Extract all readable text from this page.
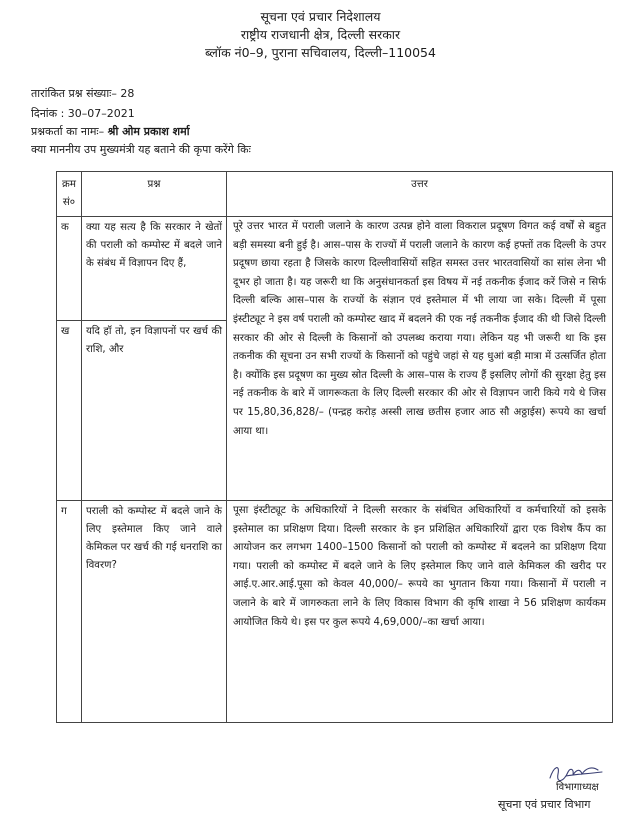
सूचना एवं प्रचार निदेशालय
राष्ट्रीय राजधानी क्षेत्र, दिल्ली सरकार
ब्लॉक नं0–9, पुराना सचिवालय, दिल्ली–110054
तारांकित प्रश्न संख्याः– 28
दिनांक : 30–07–2021
प्रश्नकर्ता का नामः– श्री ओम प्रकाश शर्मा
क्या माननीय उप मुख्यमंत्री यह बताने की कृपा करेंगे किः
क्रम सं०	प्रश्न	उत्तर
क	क्या यह सत्य है कि सरकार ने खेतों की पराली को कम्पोस्ट में बदले जाने के संबंध में विज्ञापन दिए हैं,	पूरे उत्तर भारत में पराली जलाने के कारण उत्पन्न होने वाला विकराल प्रदूषण विगत कई वर्षों से बहुत बड़ी समस्या बनी हुई है। आस–पास के राज्यों में पराली जलाने के कारण कई हफ्तों तक दिल्ली के उपर प्रदूषण छाया रहता है जिसके कारण दिल्लीवासियों सहित समस्त उत्तर भारतवासियों का सांस लेना भी दूभर हो जाता है। यह जरूरी था कि अनुसंधानकर्ता इस विषय में नई तकनीक ईजाद करें जिसे न सिर्फ दिल्ली बल्कि आस–पास के राज्यों के संज्ञान एवं इस्तेमाल में भी लाया जा सके। दिल्ली में पूसा इंस्टीट्यूट ने इस वर्ष पराली को कम्पोस्ट खाद में बदलने की एक नई तकनीक ईजाद की थी जिसे दिल्ली सरकार की ओर से दिल्ली के किसानों को उपलब्ध कराया गया। लेकिन यह भी जरूरी था कि इस तकनीक की सूचना उन सभी राज्यों के किसानों को पहुंचे जहां से यह धुआं बड़ी मात्रा में उत्सर्जित होता है। क्योंकि इस प्रदूषण का मुख्य स्रोत दिल्ली के आस–पास के राज्य हैं इसलिए लोगों की सुरक्षा हेतु इस नई तकनीक के बारे में जागरूकता के लिए दिल्ली सरकार की ओर से विज्ञापन जारी किये गये थे जिस पर 15,80,36,828/– (पन्द्रह करोड़ अस्सी लाख छतीस हजार आठ सौ अठ्ठाईस) रूपये का खर्चा आया था।
ख	यदि हॉ तो, इन विज्ञापनों पर खर्च की राशि, और	
ग	पराली को कम्पोस्ट में बदले जाने के लिए इस्तेमाल किए जाने वाले केमिकल पर खर्च की गई धनराशि का विवरण?	पूसा इंस्टीट्यूट के अधिकारियों ने दिल्ली सरकार के संबंधित अधिकारियों व कर्मचारियों को इसके इस्तेमाल का प्रशिक्षण दिया। दिल्ली सरकार के इन प्रशिक्षित अधिकारियों द्वारा एक विशेष कैंप का आयोजन कर लगभग 1400–1500 किसानों को पराली को कम्पोस्ट में बदलने का प्रशिक्षण दिया गया। पराली को कम्पोस्ट में बदले जाने के लिए इस्तेमाल किए जाने वाले केमिकल की खरीद पर आई.ए.आर.आई.पूसा को केवल 40,000/– रूपये का भुगतान किया गया। किसानों में पराली न जलाने के बारे में जागरुकता लाने के लिए विकास विभाग की कृषि शाखा ने 56 प्रशिक्षण कार्यकम आयोजित किये थे। इस पर कुल रूपये 4,69,000/–का खर्चा आया।
विभागाध्यक्ष
सूचना एवं प्रचार विभाग
